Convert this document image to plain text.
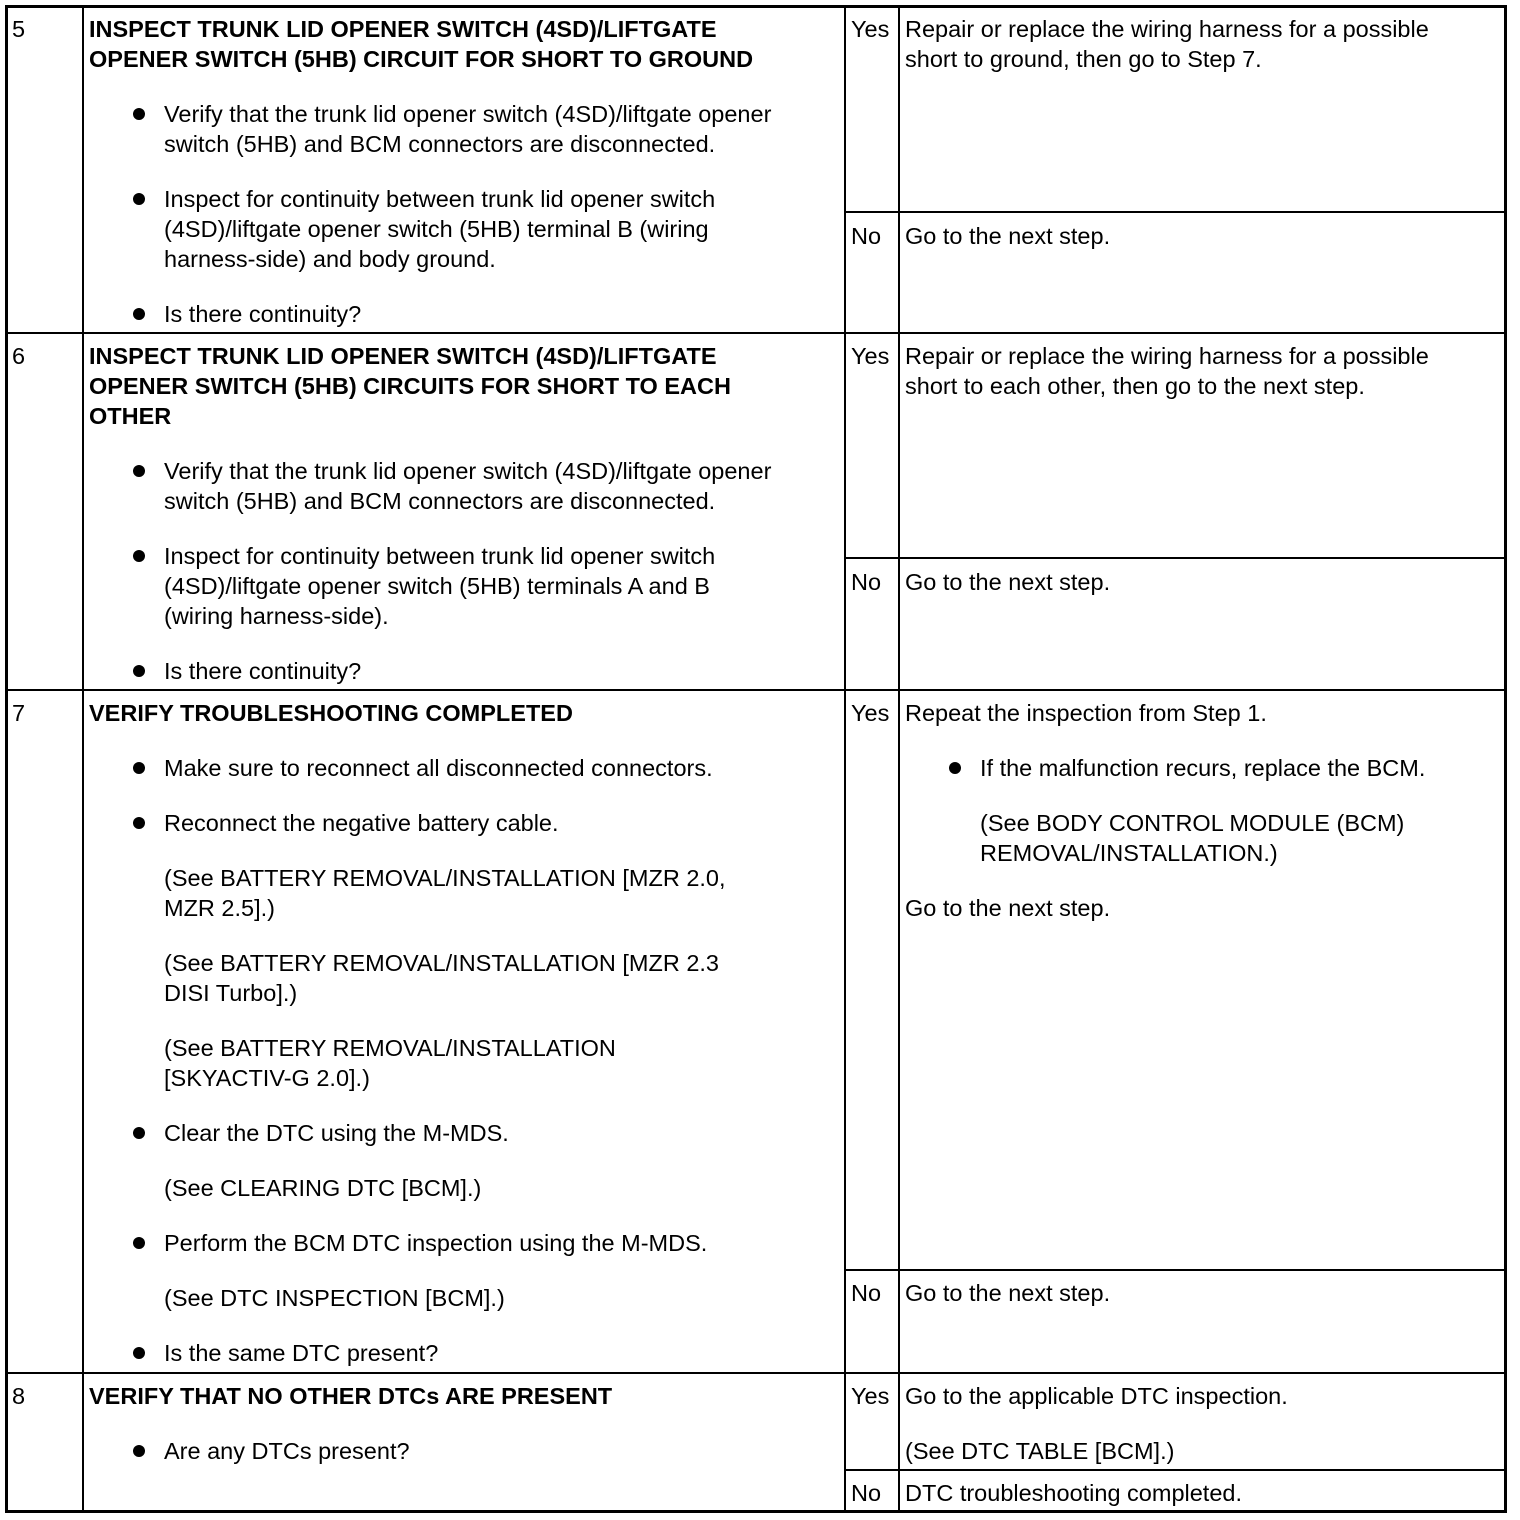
5	INSPECT TRUNK LID OPENER SWITCH (4SD)/LIFTGATE
OPENER SWITCH (5HB) CIRCUIT FOR SHORT TO GROUND
Verify that the trunk lid opener switch (4SD)/liftgate opener
switch (5HB) and BCM connectors are disconnected.
Inspect for continuity between trunk lid opener switch
(4SD)/liftgate opener switch (5HB) terminal B (wiring
harness-side) and body ground.
Is there continuity?
Yes Repair or replace the wiring harness for a possible
short to ground, then go to Step 7.
No Go to the next step.
6	INSPECT TRUNK LID OPENER SWITCH (4SD)/LIFTGATE
OPENER SWITCH (5HB) CIRCUITS FOR SHORT TO EACH
OTHER
Verify that the trunk lid opener switch (4SD)/liftgate opener
switch (5HB) and BCM connectors are disconnected.
Inspect for continuity between trunk lid opener switch
(4SD)/liftgate opener switch (5HB) terminals A and B
(wiring harness-side).
Is there continuity?
Yes Repair or replace the wiring harness for a possible
short to each other, then go to the next step.
No Go to the next step.
7	VERIFY TROUBLESHOOTING COMPLETED
Make sure to reconnect all disconnected connectors.
Reconnect the negative battery cable.
(See BATTERY REMOVAL/INSTALLATION [MZR 2.0,
MZR 2.5].)
(See BATTERY REMOVAL/INSTALLATION [MZR 2.3
DISI Turbo].)
(See BATTERY REMOVAL/INSTALLATION
[SKYACTIV-G 2.0].)
Clear the DTC using the M-MDS.
(See CLEARING DTC [BCM].)
Perform the BCM DTC inspection using the M-MDS.
(See DTC INSPECTION [BCM].)
Is the same DTC present?
Yes Repeat the inspection from Step 1.
If the malfunction recurs, replace the BCM.
(See BODY CONTROL MODULE (BCM)
REMOVAL/INSTALLATION.)
Go to the next step.
No Go to the next step.
8	VERIFY THAT NO OTHER DTCs ARE PRESENT
Are any DTCs present?
Yes Go to the applicable DTC inspection.
(See DTC TABLE [BCM].)
No DTC troubleshooting completed.
